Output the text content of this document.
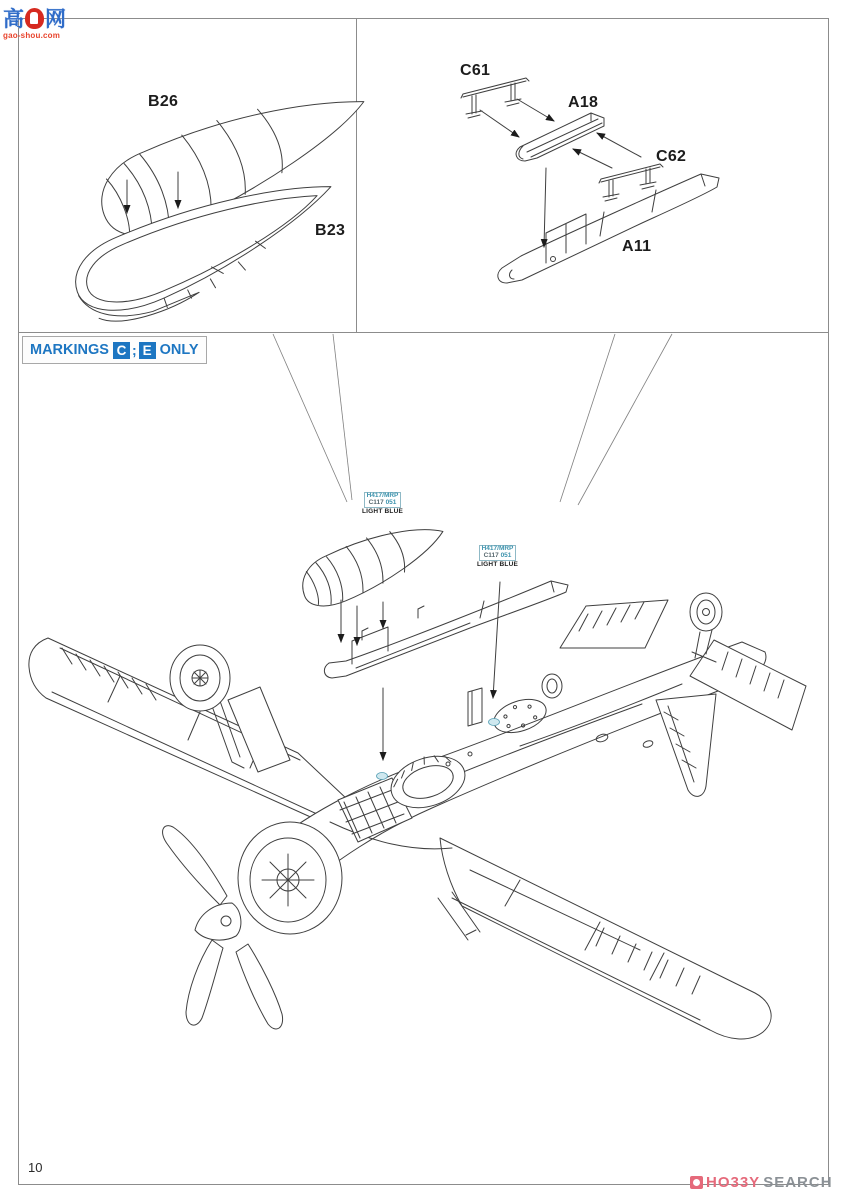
高 网
gao-shou.com
B26
B23
C61
A18
C62
A11
MARKINGS C ; E ONLY
H417/MRP
C117 051
LIGHT BLUE
H417/MRP
C117 051
LIGHT BLUE
10
HO33Y SEARCH
